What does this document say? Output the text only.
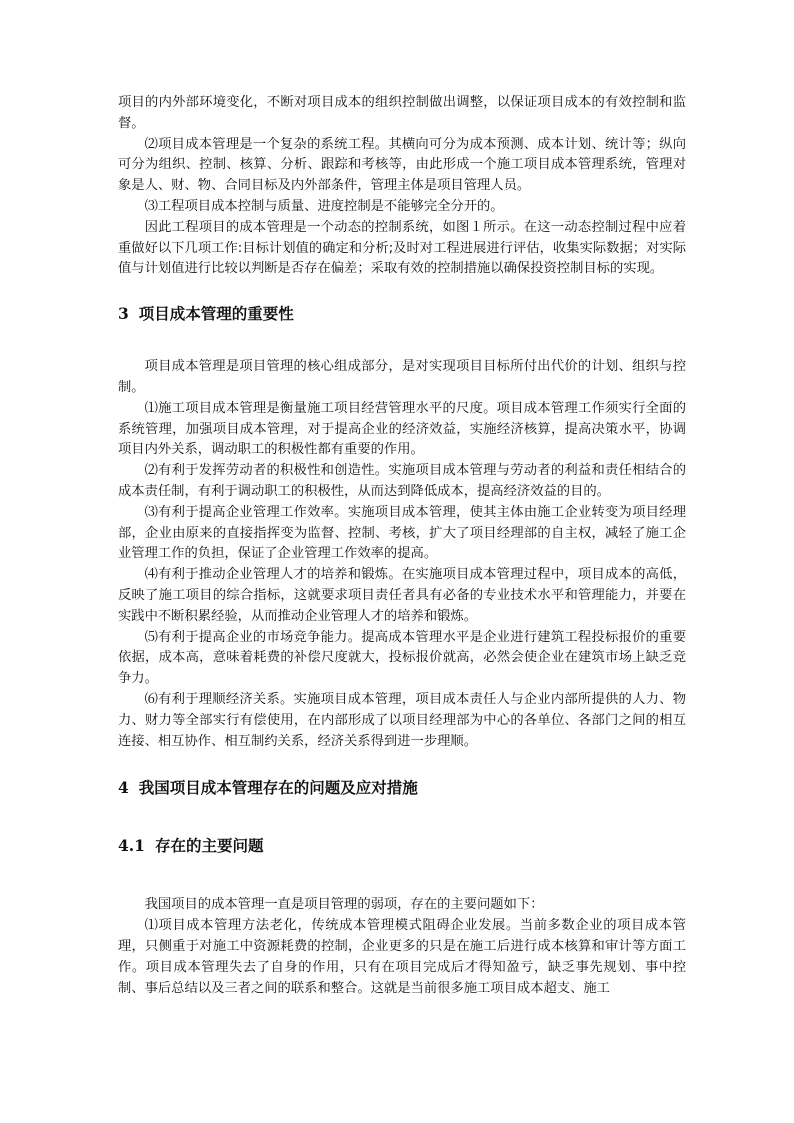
项目的内外部环境变化，不断对项目成本的组织控制做出调整，以保证项目成本的有效控制和监督。

⑵项目成本管理是一个复杂的系统工程。其横向可分为成本预测、成本计划、统计等；纵向可分为组织、控制、核算、分析、跟踪和考核等，由此形成一个施工项目成本管理系统，管理对象是人、财、物、合同目标及内外部条件，管理主体是项目管理人员。

⑶工程项目成本控制与质量、进度控制是不能够完全分开的。

因此工程项目的成本管理是一个动态的控制系统，如图１所示。在这一动态控制过程中应着重做好以下几项工作:目标计划值的确定和分析;及时对工程进展进行评估，收集实际数据；对实际值与计划值进行比较以判断是否存在偏差；采取有效的控制措施以确保投资控制目标的实现。

3 项目成本管理的重要性

项目成本管理是项目管理的核心组成部分，是对实现项目目标所付出代价的计划、组织与控制。

⑴施工项目成本管理是衡量施工项目经营管理水平的尺度。项目成本管理工作须实行全面的系统管理，加强项目成本管理，对于提高企业的经济效益，实施经济核算，提高决策水平，协调项目内外关系，调动职工的积极性都有重要的作用。

⑵有利于发挥劳动者的积极性和创造性。实施项目成本管理与劳动者的利益和责任相结合的成本责任制，有利于调动职工的积极性，从而达到降低成本，提高经济效益的目的。

⑶有利于提高企业管理工作效率。实施项目成本管理，使其主体由施工企业转变为项目经理部，企业由原来的直接指挥变为监督、控制、考核，扩大了项目经理部的自主权，减轻了施工企业管理工作的负担，保证了企业管理工作效率的提高。

⑷有利于推动企业管理人才的培养和锻炼。在实施项目成本管理过程中，项目成本的高低，反映了施工项目的综合指标，这就要求项目责任者具有必备的专业技术水平和管理能力，并要在实践中不断积累经验，从而推动企业管理人才的培养和锻炼。

⑸有利于提高企业的市场竞争能力。提高成本管理水平是企业进行建筑工程投标报价的重要依据，成本高，意味着耗费的补偿尺度就大，投标报价就高，必然会使企业在建筑市场上缺乏竞争力。

⑹有利于理顺经济关系。实施项目成本管理，项目成本责任人与企业内部所提供的人力、物力、财力等全部实行有偿使用，在内部形成了以项目经理部为中心的各单位、各部门之间的相互连接、相互协作、相互制约关系，经济关系得到进一步理顺。

4 我国项目成本管理存在的问题及应对措施
4.1 存在的主要问题

我国项目的成本管理一直是项目管理的弱项，存在的主要问题如下：

⑴项目成本管理方法老化，传统成本管理模式阻碍企业发展。当前多数企业的项目成本管理，只侧重于对施工中资源耗费的控制，企业更多的只是在施工后进行成本核算和审计等方面工作。项目成本管理失去了自身的作用，只有在项目完成后才得知盈亏，缺乏事先规划、事中控制、事后总结以及三者之间的联系和整合。这就是当前很多施工项目成本超支、施工
